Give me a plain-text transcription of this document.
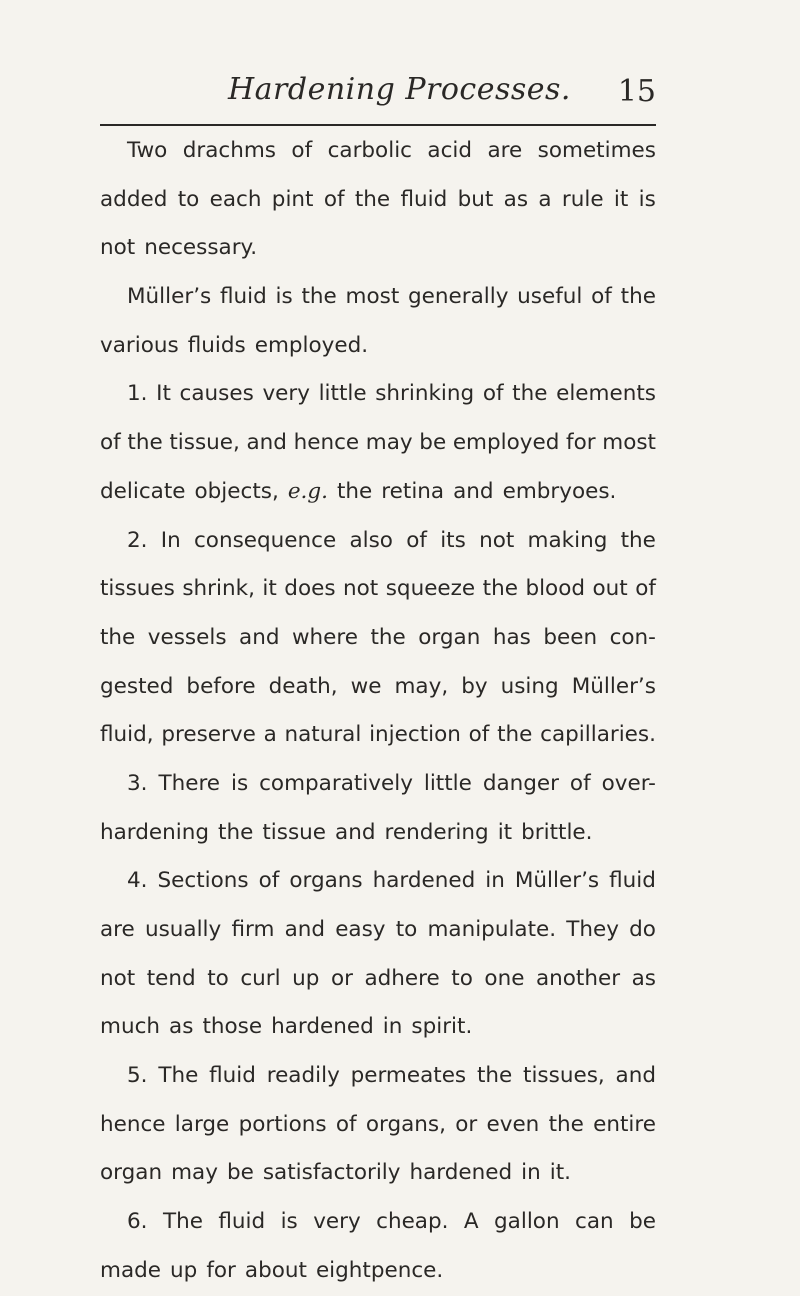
Hardening Processes. 15
Two drachms of carbolic acid are sometimes
added to each pint of the fluid but as a rule it is
not necessary.
Müller’s fluid is the most generally useful of the
various fluids employed.
1. It causes very little shrinking of the elements
of the tissue, and hence may be employed for most
delicate objects, e.g. the retina and embryoes.
2. In consequence also of its not making the
tissues shrink, it does not squeeze the blood out of
the vessels and where the organ has been con-
gested before death, we may, by using Müller’s
fluid, preserve a natural injection of the capillaries.
3. There is comparatively little danger of over-
hardening the tissue and rendering it brittle.
4. Sections of organs hardened in Müller’s fluid
are usually firm and easy to manipulate. They do
not tend to curl up or adhere to one another as
much as those hardened in spirit.
5. The fluid readily permeates the tissues, and
hence large portions of organs, or even the entire
organ may be satisfactorily hardened in it.
6. The fluid is very cheap. A gallon can be
made up for about eightpence.
